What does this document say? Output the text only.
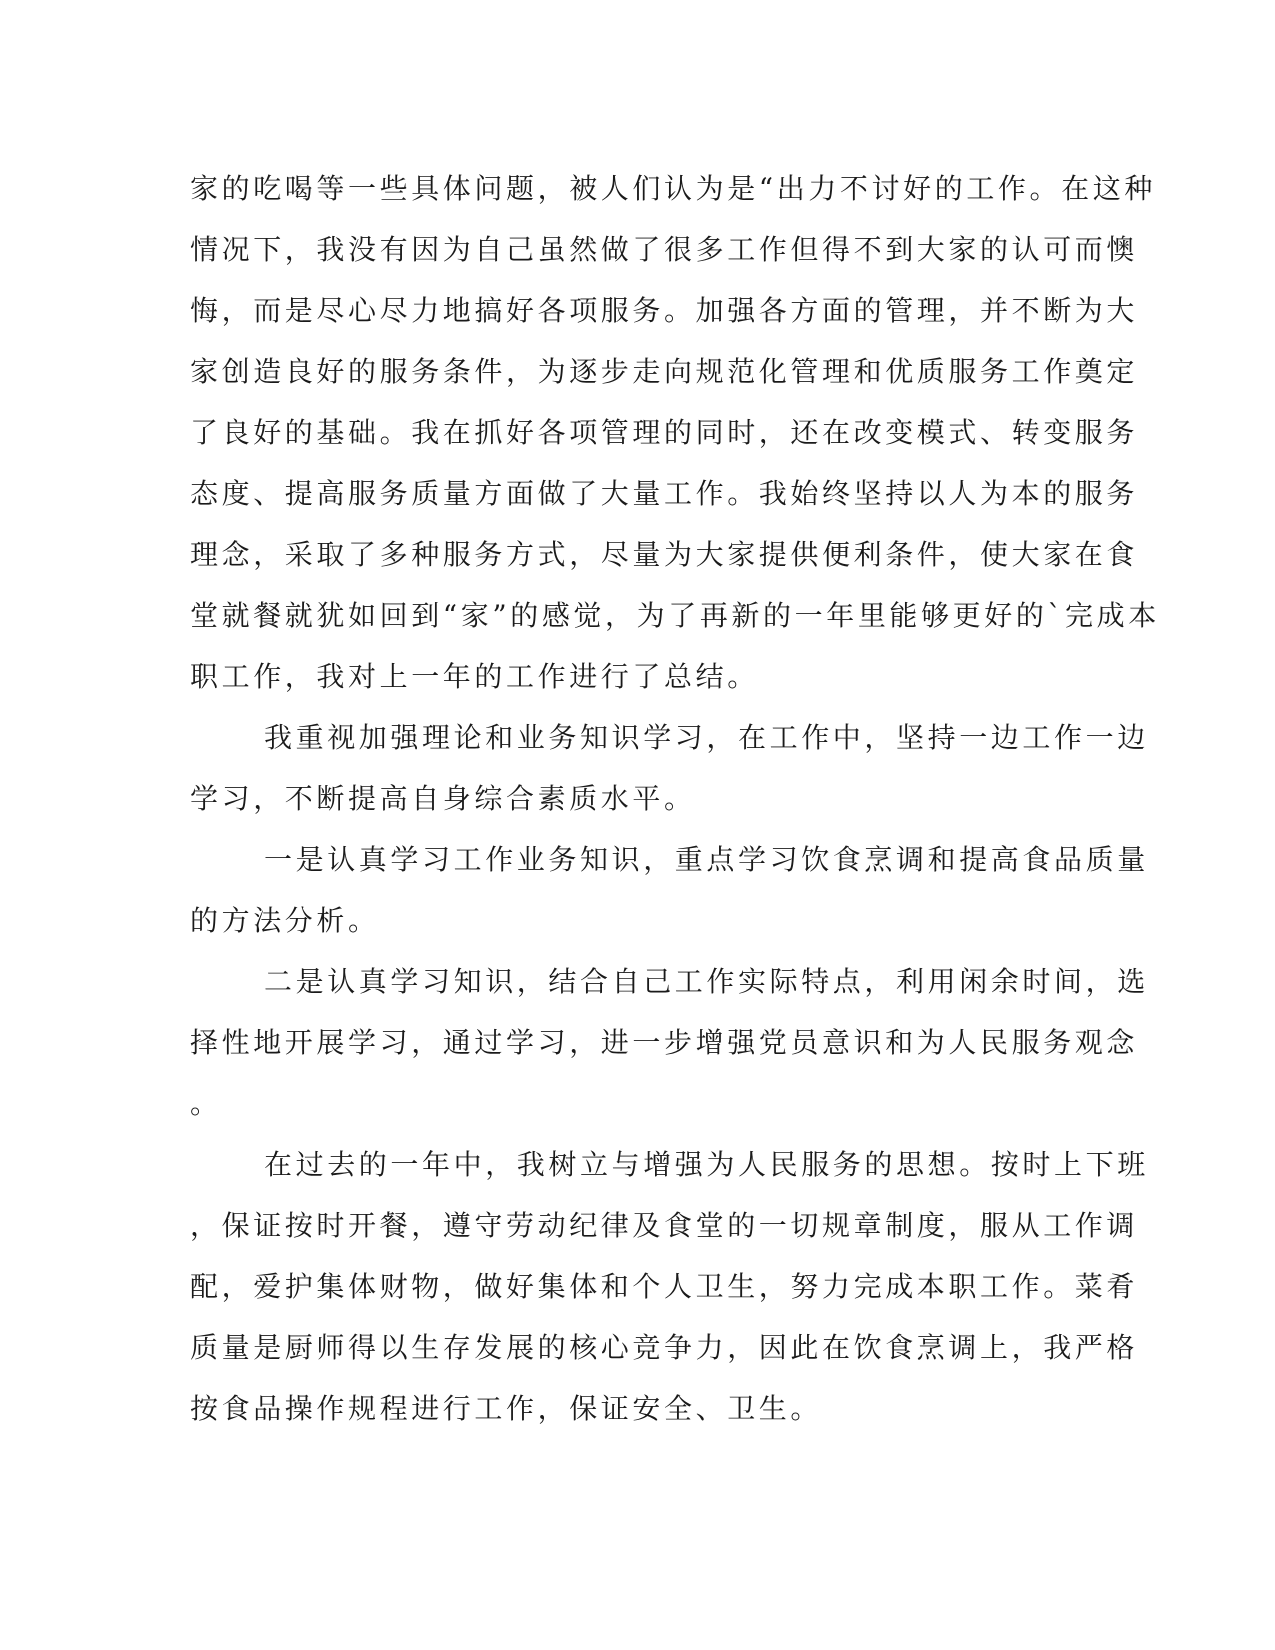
家的吃喝等一些具体问题，被人们认为是“出力不讨好的工作。在这种
情况下，我没有因为自己虽然做了很多工作但得不到大家的认可而懊
悔，而是尽心尽力地搞好各项服务。加强各方面的管理，并不断为大
家创造良好的服务条件，为逐步走向规范化管理和优质服务工作奠定
了良好的基础。我在抓好各项管理的同时，还在改变模式、转变服务
态度、提高服务质量方面做了大量工作。我始终坚持以人为本的服务
理念，采取了多种服务方式，尽量为大家提供便利条件，使大家在食
堂就餐就犹如回到“家”的感觉，为了再新的一年里能够更好的`完成本
职工作，我对上一年的工作进行了总结。
我重视加强理论和业务知识学习，在工作中，坚持一边工作一边
学习，不断提高自身综合素质水平。
一是认真学习工作业务知识，重点学习饮食烹调和提高食品质量
的方法分析。
二是认真学习知识，结合自己工作实际特点，利用闲余时间，选
择性地开展学习，通过学习，进一步增强党员意识和为人民服务观念
。
在过去的一年中，我树立与增强为人民服务的思想。按时上下班
，保证按时开餐，遵守劳动纪律及食堂的一切规章制度，服从工作调
配，爱护集体财物，做好集体和个人卫生，努力完成本职工作。菜肴
质量是厨师得以生存发展的核心竞争力，因此在饮食烹调上，我严格
按食品操作规程进行工作，保证安全、卫生。
